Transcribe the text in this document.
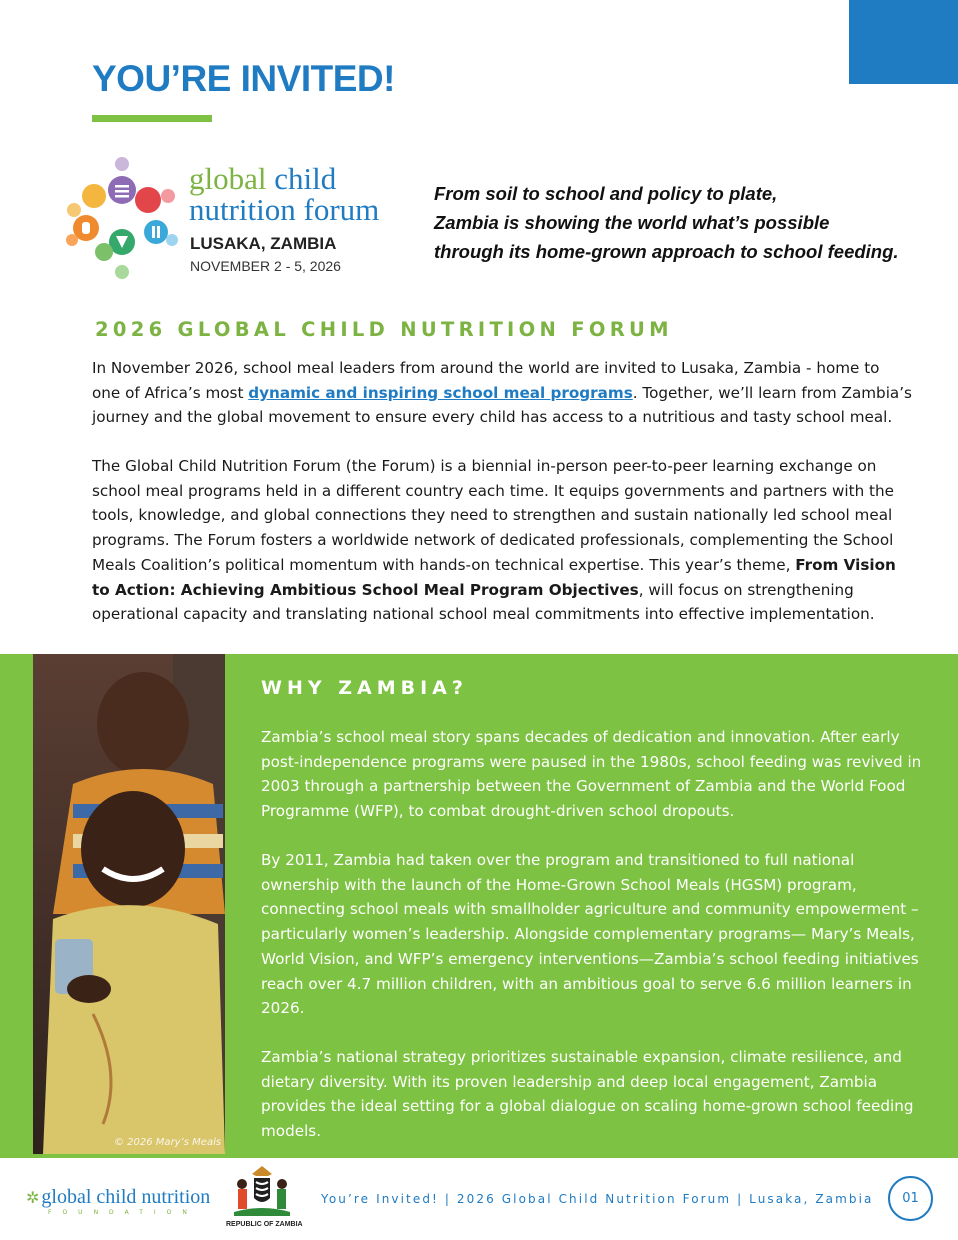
YOU’RE INVITED!
global child
nutrition forum
LUSAKA, ZAMBIA
NOVEMBER 2 - 5, 2026
From soil to school and policy to plate,
Zambia is showing the world what’s possible
through its home-grown approach to school feeding.
2026 GLOBAL CHILD NUTRITION FORUM

In November 2026, school meal leaders from around the world are invited to Lusaka, Zambia - home to one of Africa’s most dynamic and inspiring school meal programs. Together, we’ll learn from Zambia’s journey and the global movement to ensure every child has access to a nutritious and tasty school meal.

The Global Child Nutrition Forum (the Forum) is a biennial in-person peer-to-peer learning exchange on school meal programs held in a different country each time. It equips governments and partners with the tools, knowledge, and global connections they need to strengthen and sustain nationally led school meal programs. The Forum fosters a worldwide network of dedicated professionals, complementing the School Meals Coalition’s political momentum with hands-on technical expertise. This year’s theme, From Vision to Action: Achieving Ambitious School Meal Program Objectives, will focus on strengthening operational capacity and translating national school meal commitments into effective implementation.

© 2026 Mary’s Meals
WHY ZAMBIA?

Zambia’s school meal story spans decades of dedication and innovation. After early post-independence programs were paused in the 1980s, school feeding was revived in 2003 through a partnership between the Government of Zambia and the World Food Programme (WFP), to combat drought-driven school dropouts.

By 2011, Zambia had taken over the program and transitioned to full national ownership with the launch of the Home-Grown School Meals (HGSM) program, connecting school meals with smallholder agriculture and community empowerment – particularly women’s leadership. Alongside complementary programs— Mary’s Meals, World Vision, and WFP’s emergency interventions—Zambia’s school feeding initiatives reach over 4.7 million children, with an ambitious goal to serve 6.6 million learners in 2026.

Zambia’s national strategy prioritizes sustainable expansion, climate resilience, and dietary diversity. With its proven leadership and deep local engagement, Zambia provides the ideal setting for a global dialogue on scaling home-grown school feeding models.

✲ global child nutrition
FOUNDATION
REPUBLIC OF ZAMBIA
You’re Invited! | 2026 Global Child Nutrition Forum | Lusaka, Zambia	01
